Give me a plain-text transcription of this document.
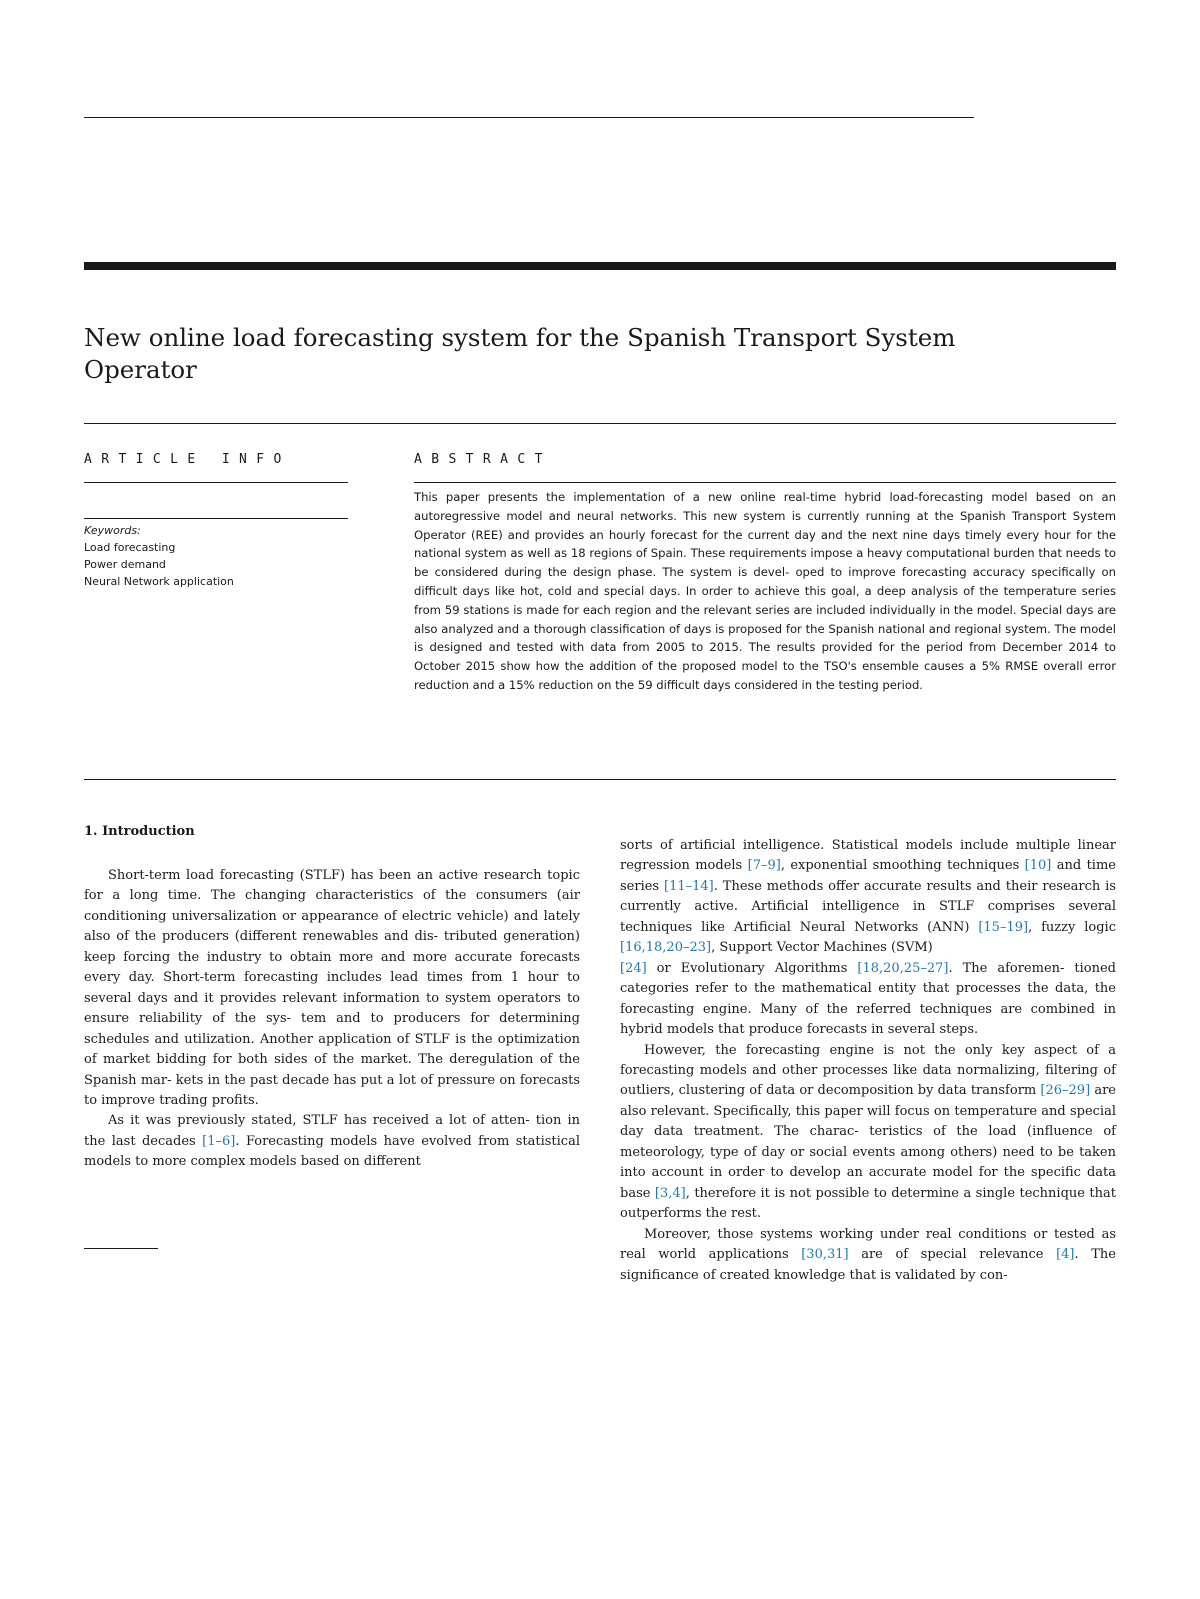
New online load forecasting system for the Spanish Transport System Operator
ARTICLE INFO	ABSTRACT
Keywords:
Load forecasting
Power demand
Neural Network application
This paper presents the implementation of a new online real-time hybrid load-forecasting model based on an autoregressive model and neural networks. This new system is currently running at the Spanish Transport System Operator (REE) and provides an hourly forecast for the current day and the next nine days timely every hour for the national system as well as 18 regions of Spain. These requirements impose a heavy computational burden that needs to be considered during the design phase. The system is devel- oped to improve forecasting accuracy specifically on difficult days like hot, cold and special days. In order to achieve this goal, a deep analysis of the temperature series from 59 stations is made for each region and the relevant series are included individually in the model. Special days are also analyzed and a thorough classification of days is proposed for the Spanish national and regional system. The model is designed and tested with data from 2005 to 2015. The results provided for the period from December 2014 to October 2015 show how the addition of the proposed model to the TSO's ensemble causes a 5% RMSE overall error reduction and a 15% reduction on the 59 difficult days considered in the testing period.
1. Introduction

Short-term load forecasting (STLF) has been an active research topic for a long time. The changing characteristics of the consumers (air conditioning universalization or appearance of electric vehicle) and lately also of the producers (different renewables and dis- tributed generation) keep forcing the industry to obtain more and more accurate forecasts every day. Short-term forecasting includes lead times from 1 hour to several days and it provides relevant information to system operators to ensure reliability of the sys- tem and to producers for determining schedules and utilization. Another application of STLF is the optimization of market bidding for both sides of the market. The deregulation of the Spanish mar- kets in the past decade has put a lot of pressure on forecasts to improve trading profits.

As it was previously stated, STLF has received a lot of atten- tion in the last decades [1–6]. Forecasting models have evolved from statistical models to more complex models based on different

sorts of artificial intelligence. Statistical models include multiple linear regression models [7–9], exponential smoothing techniques [10] and time series [11–14]. These methods offer accurate results and their research is currently active. Artificial intelligence in STLF comprises several techniques like Artificial Neural Networks (ANN) [15–19], fuzzy logic [16,18,20–23], Support Vector Machines (SVM)
[24] or Evolutionary Algorithms [18,20,25–27]. The aforemen- tioned categories refer to the mathematical entity that processes the data, the forecasting engine. Many of the referred techniques are combined in hybrid models that produce forecasts in several steps.

However, the forecasting engine is not the only key aspect of a forecasting models and other processes like data normalizing, filtering of outliers, clustering of data or decomposition by data transform [26–29] are also relevant. Specifically, this paper will focus on temperature and special day data treatment. The charac- teristics of the load (influence of meteorology, type of day or social events among others) need to be taken into account in order to develop an accurate model for the specific data base [3,4], therefore it is not possible to determine a single technique that outperforms the rest.

Moreover, those systems working under real conditions or tested as real world applications [30,31] are of special relevance [4]. The significance of created knowledge that is validated by con-
